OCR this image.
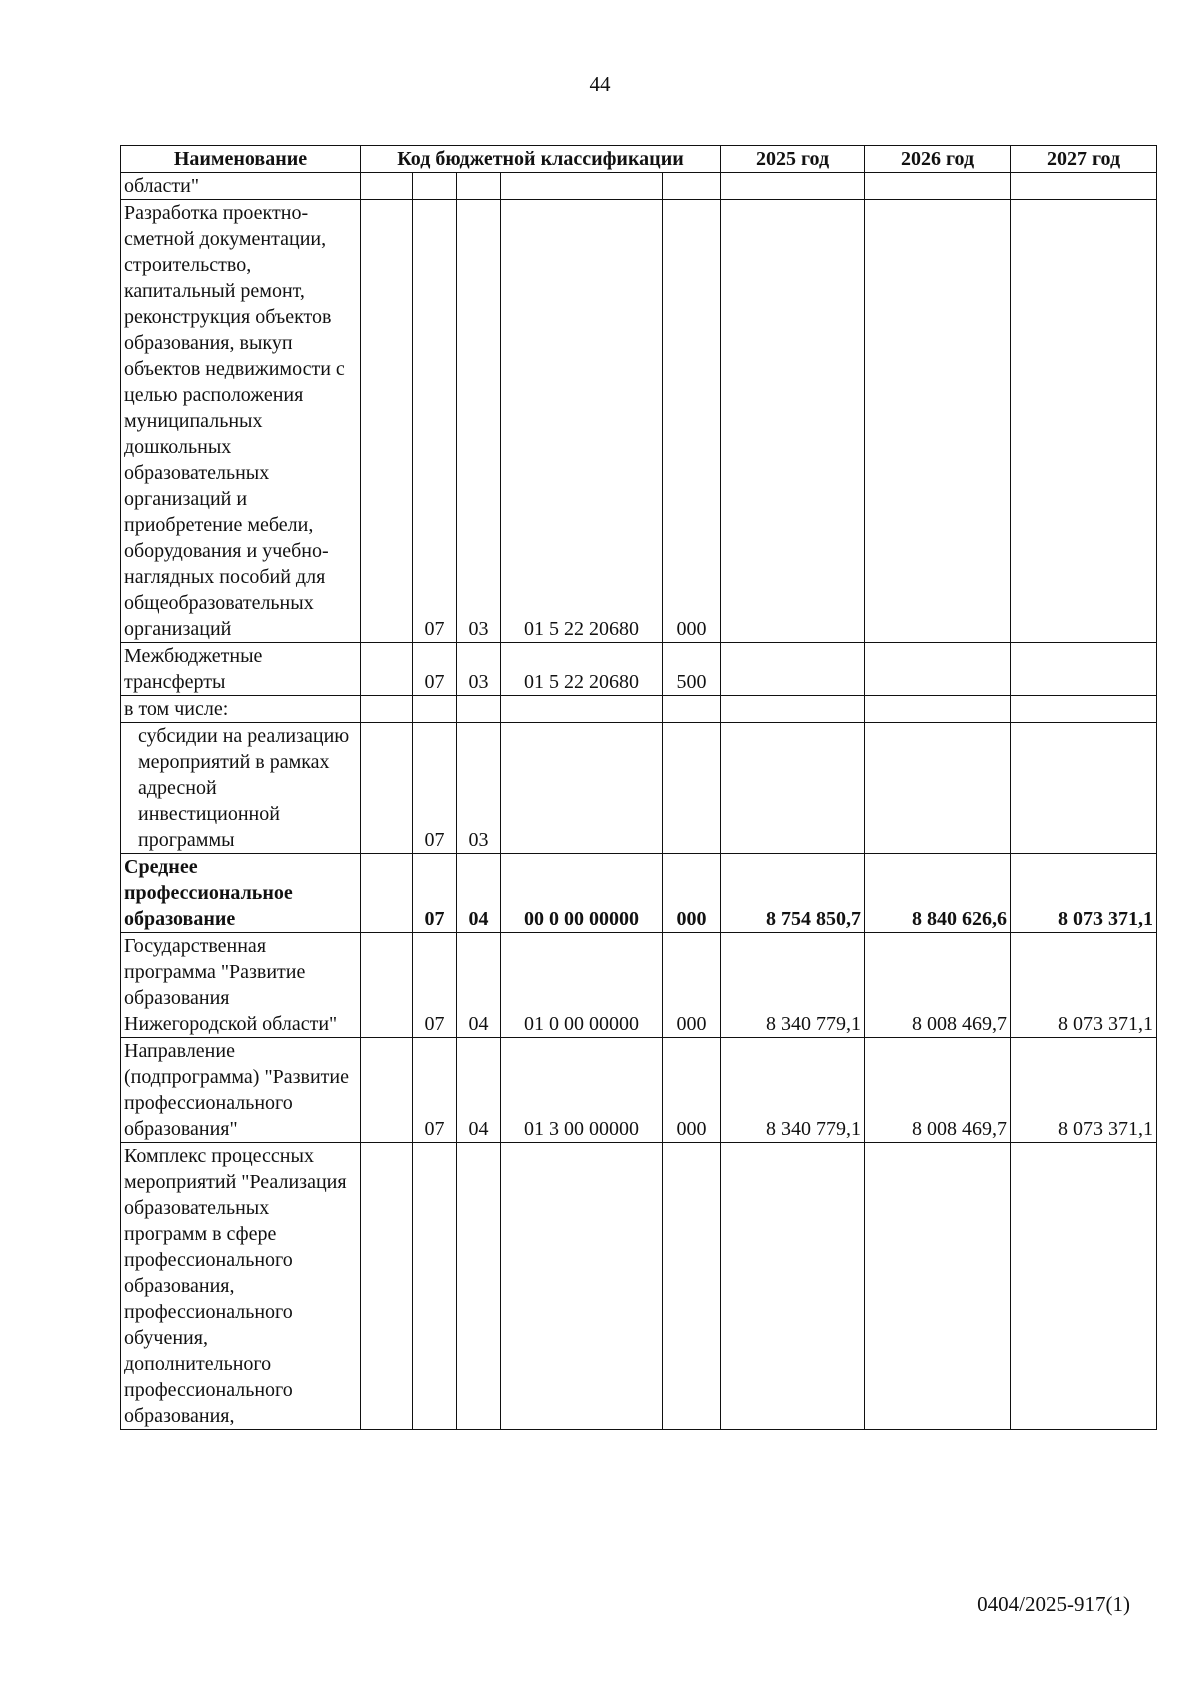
44
Наименование	Код бюджетной классификации					2025 год	2026 год	2027 год
области"								
Разработка проектно-сметной документации, строительство, капитальный ремонт, реконструкция объектов образования, выкуп объектов недвижимости с целью расположения муниципальных дошкольных образовательных организаций и приобретение мебели, оборудования и учебно-наглядных пособий для общеобразовательных организаций		07	03	01 5 22 20680	000			
Межбюджетные трансферты		07	03	01 5 22 20680	500			
в том числе:								
субсидии на реализацию мероприятий в рамках адресной инвестиционной программы		07	03					
Среднее профессиональное образование		07	04	00 0 00 00000	000	8 754 850,7	8 840 626,6	8 073 371,1
Государственная программа "Развитие образования Нижегородской области"		07	04	01 0 00 00000	000	8 340 779,1	8 008 469,7	8 073 371,1
Направление (подпрограмма) "Развитие профессионального образования"		07	04	01 3 00 00000	000	8 340 779,1	8 008 469,7	8 073 371,1
Комплекс процессных мероприятий "Реализация образовательных программ в сфере профессионального образования, профессионального обучения, дополнительного профессионального образования,								
0404/2025-917(1)
